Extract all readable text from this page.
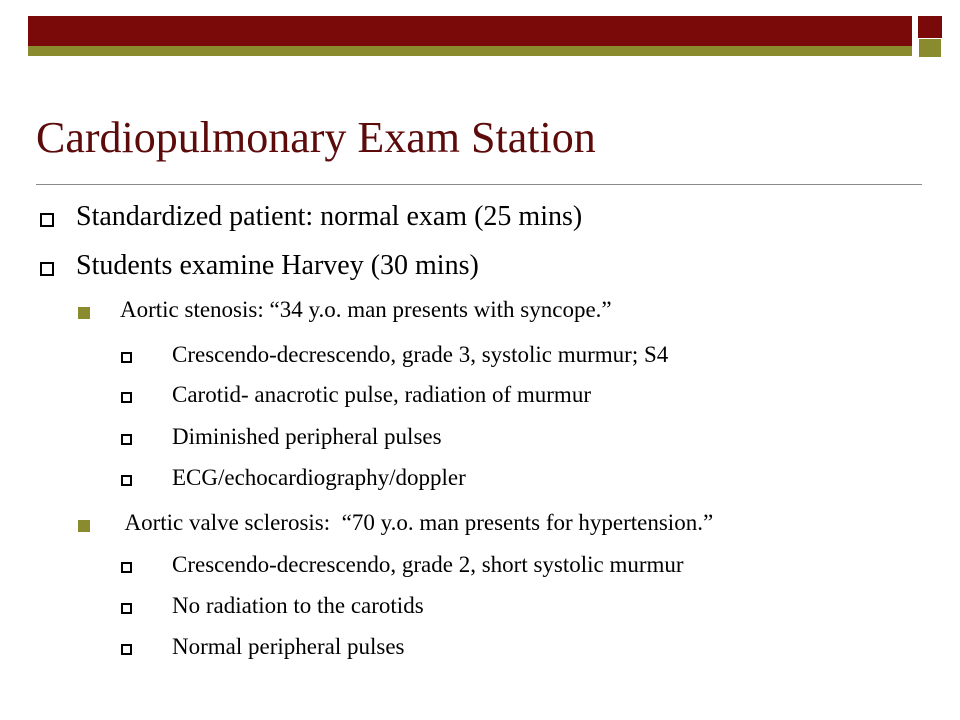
Cardiopulmonary Exam Station
Standardized patient: normal exam (25 mins)
Students examine Harvey (30 mins)
Aortic stenosis: “34 y.o. man presents with syncope.”
Crescendo-decrescendo, grade 3, systolic murmur; S4
Carotid- anacrotic pulse, radiation of murmur
Diminished peripheral pulses
ECG/echocardiography/doppler
Aortic valve sclerosis:  “70 y.o. man presents for hypertension.”
Crescendo-decrescendo, grade 2, short systolic murmur
No radiation to the carotids
Normal peripheral pulses
